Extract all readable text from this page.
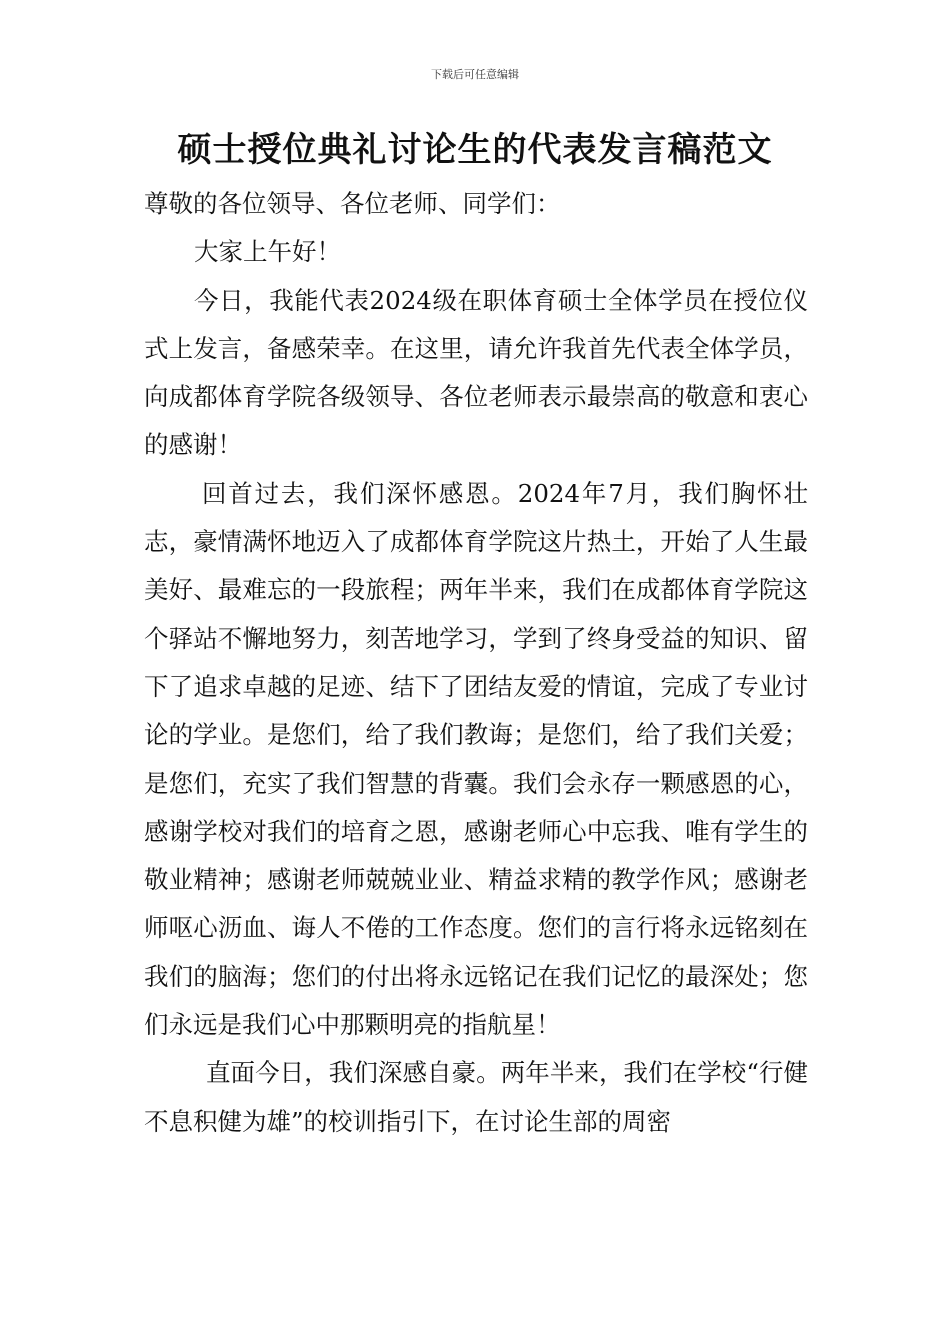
下载后可任意编辑
硕士授位典礼讨论生的代表发言稿范文

尊敬的各位领导、各位老师、同学们：

大家上午好！

今日，我能代表2024级在职体育硕士全体学员在授位仪式上发言，备感荣幸。在这里，请允许我首先代表全体学员，向成都体育学院各级领导、各位老师表示最崇高的敬意和衷心的感谢！

回首过去，我们深怀感恩。2024年7月，我们胸怀壮志，豪情满怀地迈入了成都体育学院这片热土，开始了人生最美好、最难忘的一段旅程；两年半来，我们在成都体育学院这个驿站不懈地努力，刻苦地学习，学到了终身受益的知识、留下了追求卓越的足迹、结下了团结友爱的情谊，完成了专业讨论的学业。是您们，给了我们教诲；是您们，给了我们关爱；是您们，充实了我们智慧的背囊。我们会永存一颗感恩的心，感谢学校对我们的培育之恩，感谢老师心中忘我、唯有学生的敬业精神；感谢老师兢兢业业、精益求精的教学作风；感谢老师呕心沥血、诲人不倦的工作态度。您们的言行将永远铭刻在我们的脑海；您们的付出将永远铭记在我们记忆的最深处；您们永远是我们心中那颗明亮的指航星！

直面今日，我们深感自豪。两年半来，我们在学校“行健不息积健为雄”的校训指引下，在讨论生部的周密
